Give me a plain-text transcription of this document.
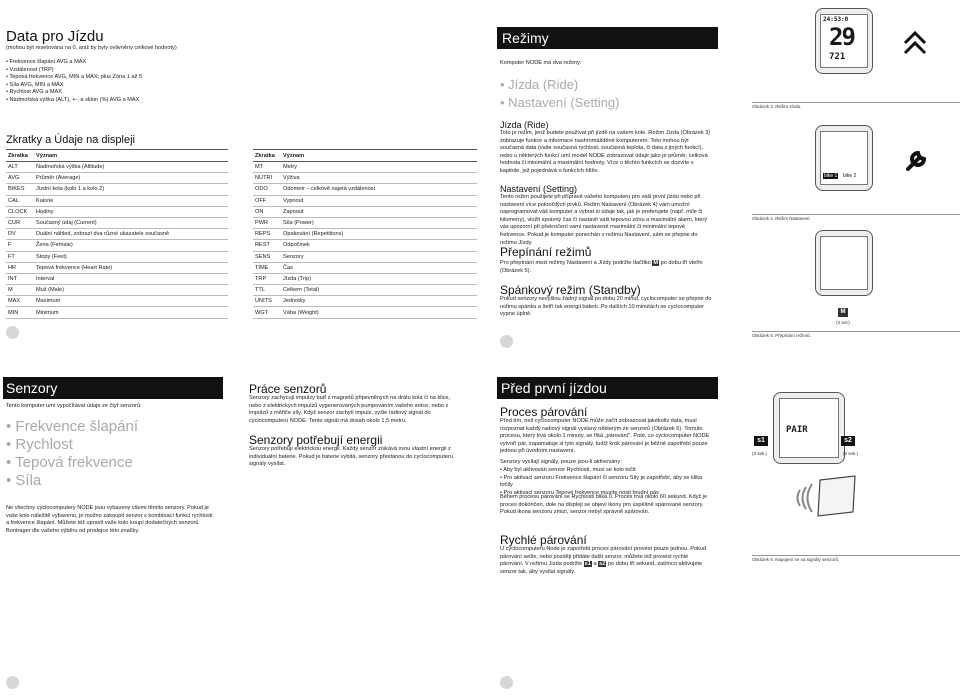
Data pro Jízdu
(mohou být resetována na 0, aniž by byly ovlivněny celkové hodnoty)
• Frekvence šlapání AVG a MAX
• Vzdálenost (TRP)
• Tepová frekvence AVG, MIN a MAX; plus Zóna 1 až 5
• Síla AVG, MIN a MAX
• Rychlost AVG a MAX
• Nadmořská výška (ALT), +-, a sklon (%) AVG a MAX
Zkratky a Údaje na displeji
Zkratka	Význam
ALT	Nadmořská výška (Altitude)
AVG	Průměr (Average)
BIKES	Jízdní kola (kolo 1 a kolo 2)
CAL	Kalorie
CLOCK	Hodiny
CUR	Současný údaj (Current)
DV	Duální náhled, zobrazí dva různé ukazatele současně
F	Žena (Female)
FT	Stopy (Feet)
HR	Tepová frekvence (Heart Rate)
INT	Interval
M	Muž (Male)
MAX	Maximum
MIN	Minimum
Zkratka	Význam
MT	Metry
NUTRI	Výživa
ODO	Odometr – celkově najetá vzdálenost
OFF	Vypnout
ON	Zapnout
PWR	Síla (Power)
REPS	Opakování (Repetitions)
REST	Odpočinek
SENS	Senzory
TIME	Čas
TRP	Jízda (Trip)
TTL	Celkem (Total)
UNITS	Jednotky
WGT	Váha (Weight)
Režimy
Komputer NODE má dva režimy:
• Jízda (Ride)
• Nastavení (Setting)
Jízda (Ride)
Toto je režim, jenž budete používat při jízdě na vašem kole. Režim Jízda (Obrázek 3) zobrazuje funkce a informace nashromážděné komputerem. Toto mohou být současná data (vaše současná rychlost, současná teplota, či data z jiných funkcí), nebo u některých funkcí umí model NODE zobrazovat údaje jako je průměr, celková hodnota či minimální a maximální hodnoty. Více o těchto funkcích se dozvíte v kapitole, jež pojednává o funkcích blíže.
Nastavení (Setting)
Tento režim použijete při přípravě vašeho komputeru pro vaši první jízdu nebo při nastavení více pokročilých prvků. Režim Nastavení (Obrázek 4) vám umožní naprogramovat váš komputer a vybrat si údaje tak, jak je preferujete (např. míle či kilometry), vložit správný čas či nastavit vaši tepovou zónu a maximální alarm, který vás upozorní při překročení vami nastavené maximální či minimální tepové frekvence. Pokud je komputer ponechán v režimu Nastavení, sám se přepne do režimu Jízdy.
Přepínání režimů
Pro přepínání mezi režimy Nastavení a Jízdy podržte tlačítko M po dobu tří vteřin (Obrázek 5).
Spánkový režim (Standby)
Pokud senzory nevyšlou žádný signál po dobu 20 minut, cyclocomputer se přepne do režimu spánku a šetří tak energii baterii. Po dalších 10 minutách se cyclocomputer vypne úplně.
24:53:0
29
721
Obrázek 3. Režim Jízda.
bike 1 bike 2
Obrázek 4. Režim Nastavení.
M
(3 sec)
Obrázek 5. Přepínání režimů.
Senzory
Tento komputer umí vypočítávat údaje ze čtyř senzorů:
• Frekvence šlapání
• Rychlost
• Tepová frekvence
• Síla
Ne všechny cyclocomputery NODE jsou vybaveny všemi těmito senzory. Pokud je vaše kolo náležitě vybaveno, je možno zakoupit senzor s kombinací funkcí rychlosti a frekvence šlapání. Můžete též upravit vaše kolo koupí dodatečných senzorů Bontrager dle vašeho výběru od prodejce této značky.
Práce senzorů
Senzory zachycují impulzy buď z magnetů připevněných na drátu kola či na klice, nebo z elektrických impulzů vygenerovaných pumpováním vašeho srdce, nebo z impulzů z měřiče síly. Když senzor zachytí impulz, vyšle radiový signál do cyclocomputeru NODE. Tento signál má dosah okolo 1,5 metru.
Senzory potřebují energii
Senzory potřebují elektrickou energii. Každý senzor získává svou vlastní energii z individuální baterie. Pokud je baterie vybitá, senzory přestanou do cyclocomputeru signály vysílat.
Před první jízdou
Proces párování
Před tím, než cyclocomputer NODE může začít zobrazovat jakékoliv data, musí rozpoznat každý radiový signál vyslaný některým ze senzorů (Obrázek 6). Tomuto procesu, který trvá okolo 1 minuty, se říká „párování". Poté, co cyclocomputer NODE vytvoří pár, zapamatuje si tyto signály, tudíž krok párování je běžně zapotřebí pouze jednou při úvodním nastavení.
Senzory vysílají signály, pouze jsou-li aktivovány:
• Aby byl aktivován senzor Rychlosti, musí se kolo točit
• Pro aktivaci senzoru Frekvence šlapání či senzoru Síly je zapotřebí, aby se klika točily
• Pro aktivaci senzoru Tepové frekvence musíte nosit hrudní pás
Během procesu párování se Rychlosti bliká 0. Proces trvá okolo 60 sekund. Když je proces dokončen, dole na displeji se objeví ikony pro úspěšně spárované senzory. Pokud ikona senzoru zmizí, senzor nebyl správně spárován.
Rychlé párování
U cyclocomputeru Node je zapotřebí proces párování provést pouze jednou. Pokud párování selže, nebo později přidáte další senzor, můžete též provést rychlé párování. V režimu Jízda podržte s1 a s2 po dobu tří sekund, zatímco aktivujete senzor tak, aby vysílal signály.
PAIR
s1
(3 sek.)
s2
(3 sek.)
Obrázek 6. Napojení se na signály senzorů.
